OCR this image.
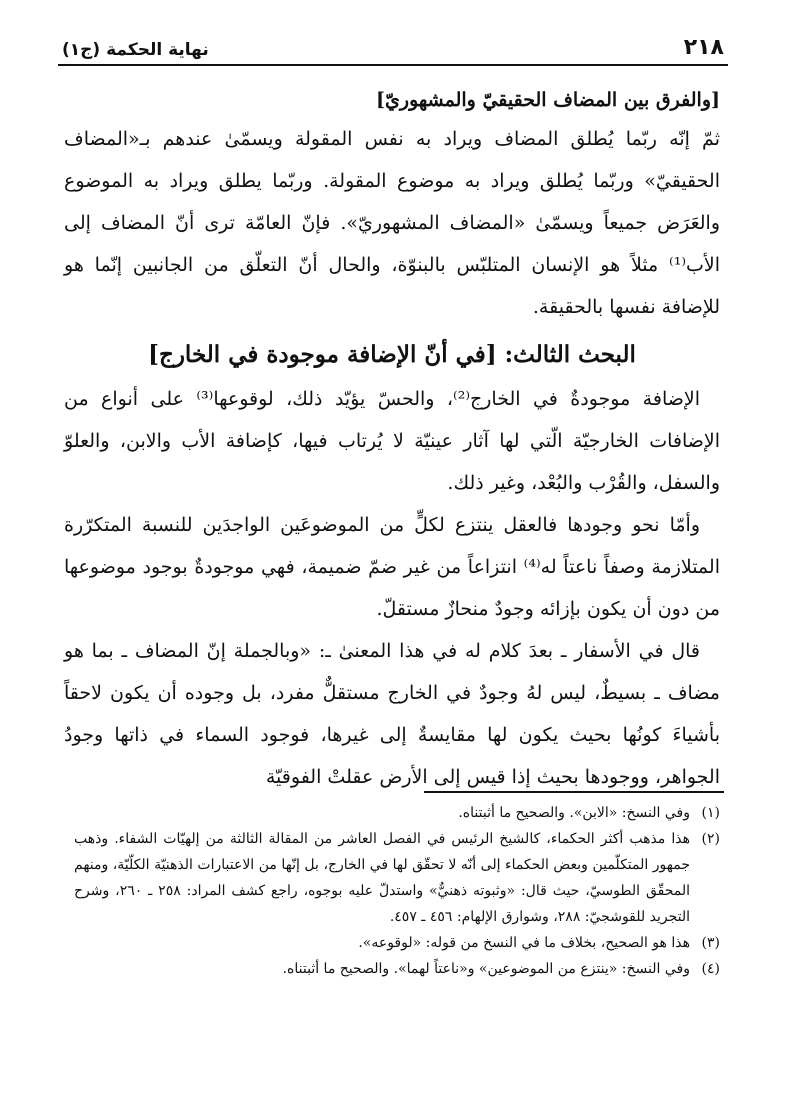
٢١٨
نهاية الحكمة (ج١)

[والفرق بين المضاف الحقيقيّ والمشهوريّ]

ثمّ إنّه ربّما يُطلق المضاف ويراد به نفس المقولة ويسمّىٰ عندهم بـ«المضاف الحقيقيّ» وربّما يُطلق ويراد به موضوع المقولة. وربّما يطلق ويراد به الموضوع والعَرَض جميعاً ويسمّىٰ «المضاف المشهوريّ». فإنّ العامّة ترى أنّ المضاف إلى الأب⁽¹⁾ مثلاً هو الإنسان المتلبّس بالبنوّة، والحال أنّ التعلّق من الجانبين إنّما هو للإضافة نفسها بالحقيقة.

البحث الثالث: [في أنّ الإضافة موجودة في الخارج]

الإضافة موجودةٌ في الخارج⁽²⁾، والحسّ يؤيّد ذلك، لوقوعها⁽³⁾ على أنواع من الإضافات الخارجيّة الّتي لها آثار عينيّة لا يُرتاب فيها، كإضافة الأب والابن، والعلوّ والسفل، والقُرْب والبُعْد، وغير ذلك.

وأمّا نحو وجودها فالعقل ينتزع لكلٍّ من الموضوعَين الواجدَين للنسبة المتكرّرة المتلازمة وصفاً ناعتاً له⁽⁴⁾ انتزاعاً من غير ضمّ ضميمة، فهي موجودةٌ بوجود موضوعها من دون أن يكون بإزائه وجودٌ منحازٌ مستقلّ.

قال في الأسفار ـ بعدَ كلام له في هذا المعنىٰ ـ: «وبالجملة إنّ المضاف ـ بما هو مضاف ـ بسيطٌ، ليس لهُ وجودٌ في الخارج مستقلٌّ مفرد، بل وجوده أن يكون لاحقاً بأشياءَ كونُها بحيث يكون لها مقايسةٌ إلى غيرها، فوجود السماء في ذاتها وجودُ الجواهر، ووجودها بحيث إذا قيس إلى الأرض عقلتْ الفوقيّة

(١)
وفي النسخ: «الابن». والصحيح ما أثبتناه.

(٢)
هذا مذهب أكثر الحكماء، كالشيخ الرئيس في الفصل العاشر من المقالة الثالثة من إلهيّات الشفاء. وذهب جمهور المتكلّمين وبعض الحكماء إلى أنّه لا تحقّق لها في الخارج، بل إنّها من الاعتبارات الذهنيّة الكلّيّة، ومنهم المحقّق الطوسيّ، حيث قال: «وثبوته ذهنيٌّ» واستدلّ عليه بوجوه، راجع كشف المراد: ٢٥٨ ـ ٢٦٠، وشرح التجريد للقوشجيّ: ٢٨٨، وشوارق الإلهام: ٤٥٦ ـ ٤٥٧.

(٣)
هذا هو الصحيح، بخلاف ما في النسخ من قوله: «لوقوعه».

(٤)
وفي النسخ: «ينتزع من الموضوعين» و«ناعتاً لهما». والصحيح ما أثبتناه.
